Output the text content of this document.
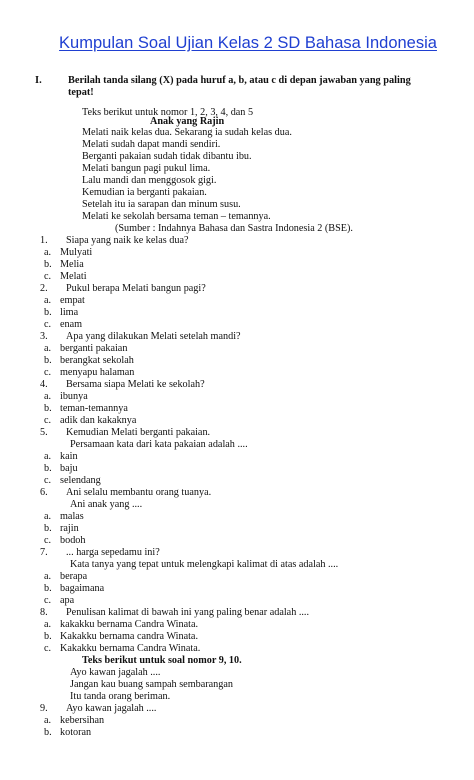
Kumpulan Soal Ujian Kelas 2 SD Bahasa Indonesia
I.	Berilah tanda silang (X) pada huruf a, b, atau c di depan jawaban yang paling
tepat!
Teks berikut untuk nomor 1, 2, 3, 4, dan 5
Anak yang Rajin
Melati naik kelas dua. Sekarang ia sudah kelas dua.
Melati sudah dapat mandi sendiri.
Berganti pakaian sudah tidak dibantu ibu.
Melati bangun pagi pukul lima.
Lalu mandi dan menggosok gigi.
Kemudian ia berganti pakaian.
Setelah itu ia sarapan dan minum susu.
Melati ke sekolah bersama teman – temannya.
(Sumber : Indahnya Bahasa dan Sastra Indonesia 2 (BSE).
1. Siapa yang naik ke kelas dua?
a. Mulyati
b. Melia
c. Melati
2. Pukul berapa Melati bangun pagi?
a. empat
b. lima
c. enam
3. Apa yang dilakukan Melati setelah mandi?
a. berganti pakaian
b. berangkat sekolah
c. menyapu halaman
4. Bersama siapa Melati ke sekolah?
a. ibunya
b. teman-temannya
c. adik dan kakaknya
5. Kemudian Melati berganti pakaian.
Persamaan kata dari kata pakaian adalah ....
a. kain
b. baju
c. selendang
6. Ani selalu membantu orang tuanya.
Ani anak yang ....
a. malas
b. rajin
c. bodoh
7. ... harga sepedamu ini?
Kata tanya yang tepat untuk melengkapi kalimat di atas adalah ....
a. berapa
b. bagaimana
c. apa
8. Penulisan kalimat di bawah ini yang paling benar adalah ....
a. kakakku bernama Candra Winata.
b. Kakakku bernama candra Winata.
c. Kakakku bernama Candra Winata.
Teks berikut untuk soal nomor 9, 10.
Ayo kawan jagalah ....
Jangan kau buang sampah sembarangan
Itu tanda orang beriman.
9. Ayo kawan jagalah ....
a. kebersihan
b. kotoran
